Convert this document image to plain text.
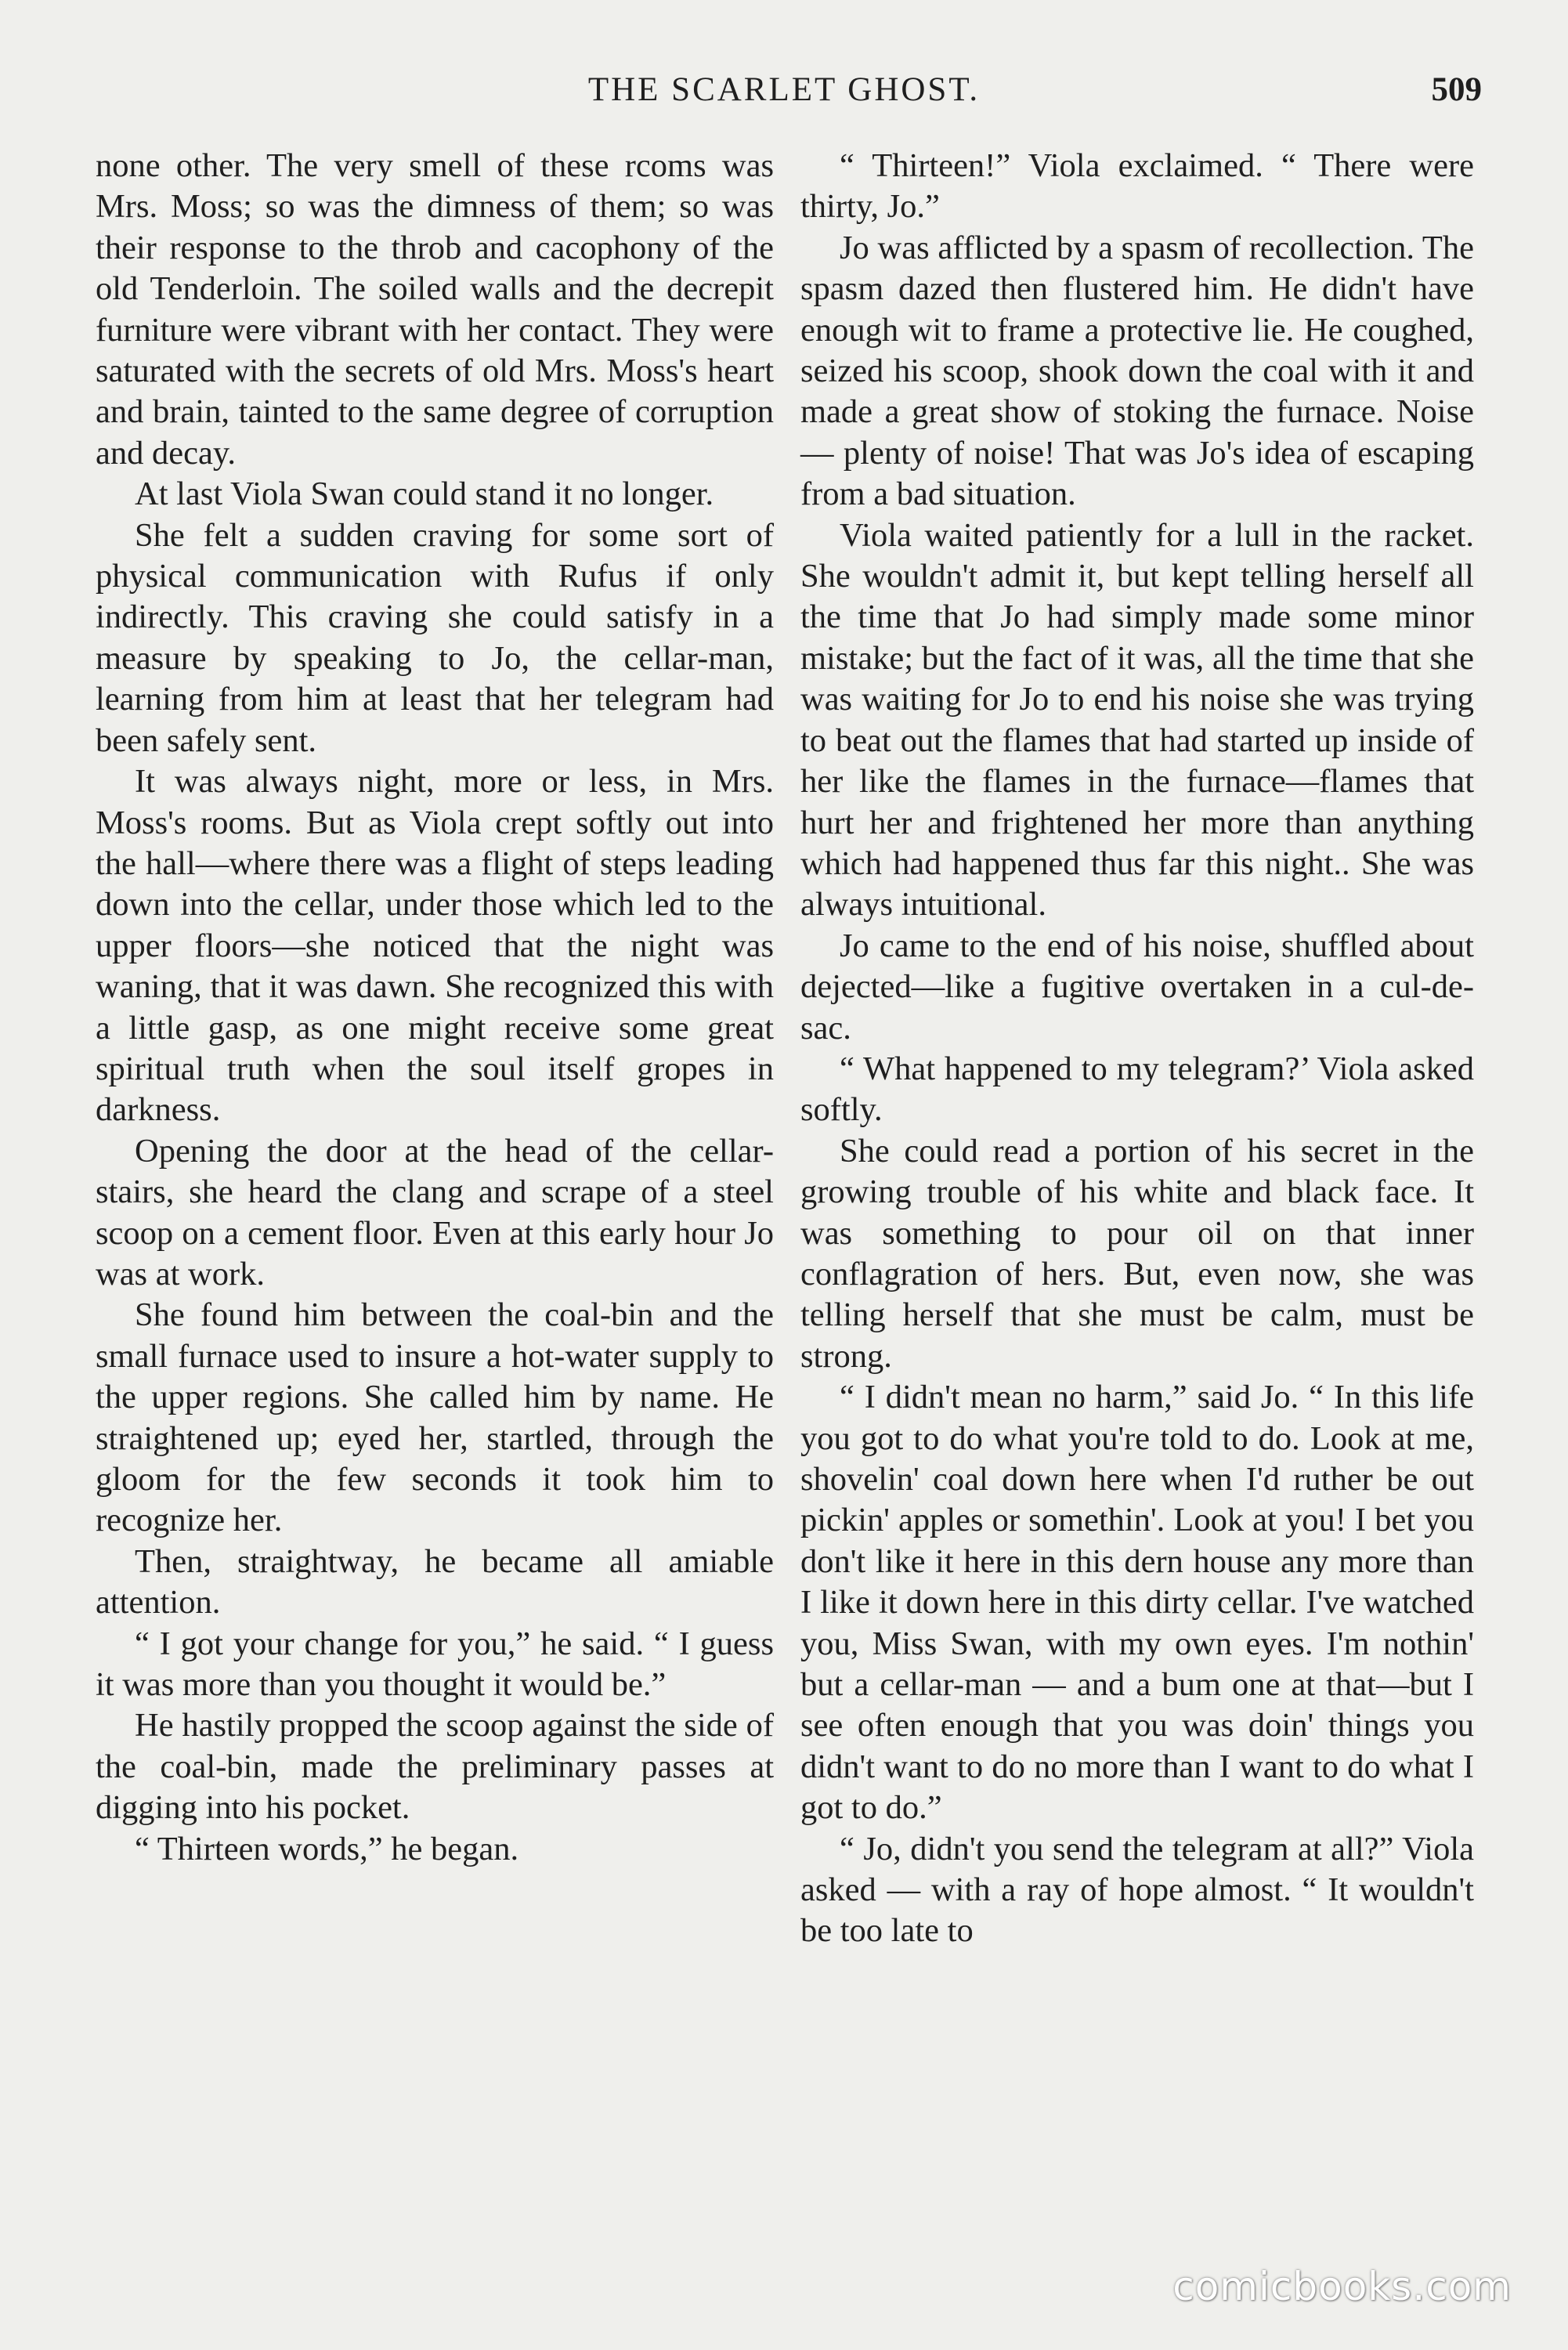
THE SCARLET GHOST.	509

none other. The very smell of these rcoms was Mrs. Moss; so was the dimness of them; so was their response to the throb and cacophony of the old Tenderloin. The soiled walls and the decrepit furniture were vibrant with her contact. They were saturated with the secrets of old Mrs. Moss's heart and brain, tainted to the same degree of corruption and decay.

At last Viola Swan could stand it no longer.

She felt a sudden craving for some sort of physical communication with Rufus if only indirectly. This craving she could satisfy in a measure by speaking to Jo, the cellar-man, learning from him at least that her telegram had been safely sent.

It was always night, more or less, in Mrs. Moss's rooms. But as Viola crept softly out into the hall—where there was a flight of steps leading down into the cellar, under those which led to the upper floors—she noticed that the night was waning, that it was dawn. She recognized this with a little gasp, as one might receive some great spiritual truth when the soul itself gropes in darkness.

Opening the door at the head of the cellar-stairs, she heard the clang and scrape of a steel scoop on a cement floor. Even at this early hour Jo was at work.

She found him between the coal-bin and the small furnace used to insure a hot-water supply to the upper regions. She called him by name. He straightened up; eyed her, startled, through the gloom for the few seconds it took him to recognize her.

Then, straightway, he became all amiable attention.

“ I got your change for you,” he said. “ I guess it was more than you thought it would be.”

He hastily propped the scoop against the side of the coal-bin, made the preliminary passes at digging into his pocket.

“ Thirteen words,” he began.

“ Thirteen!” Viola exclaimed. “ There were thirty, Jo.”

Jo was afflicted by a spasm of recollection. The spasm dazed then flustered him. He didn't have enough wit to frame a protective lie. He coughed, seized his scoop, shook down the coal with it and made a great show of stoking the furnace. Noise — plenty of noise! That was Jo's idea of escaping from a bad situation.

Viola waited patiently for a lull in the racket. She wouldn't admit it, but kept telling herself all the time that Jo had simply made some minor mistake; but the fact of it was, all the time that she was waiting for Jo to end his noise she was trying to beat out the flames that had started up inside of her like the flames in the furnace—flames that hurt her and frightened her more than anything which had happened thus far this night.. She was always intuitional.

Jo came to the end of his noise, shuffled about dejected—like a fugitive overtaken in a cul-de-sac.

“ What happened to my telegram?’ Viola asked softly.

She could read a portion of his secret in the growing trouble of his white and black face. It was something to pour oil on that inner conflagration of hers. But, even now, she was telling herself that she must be calm, must be strong.

“ I didn't mean no harm,” said Jo. “ In this life you got to do what you're told to do. Look at me, shovelin' coal down here when I'd ruther be out pickin' apples or somethin'. Look at you! I bet you don't like it here in this dern house any more than I like it down here in this dirty cellar. I've watched you, Miss Swan, with my own eyes. I'm nothin' but a cellar-man — and a bum one at that—but I see often enough that you was doin' things you didn't want to do no more than I want to do what I got to do.”

“ Jo, didn't you send the telegram at all?” Viola asked — with a ray of hope almost. “ It wouldn't be too late to

comicbooks.com
